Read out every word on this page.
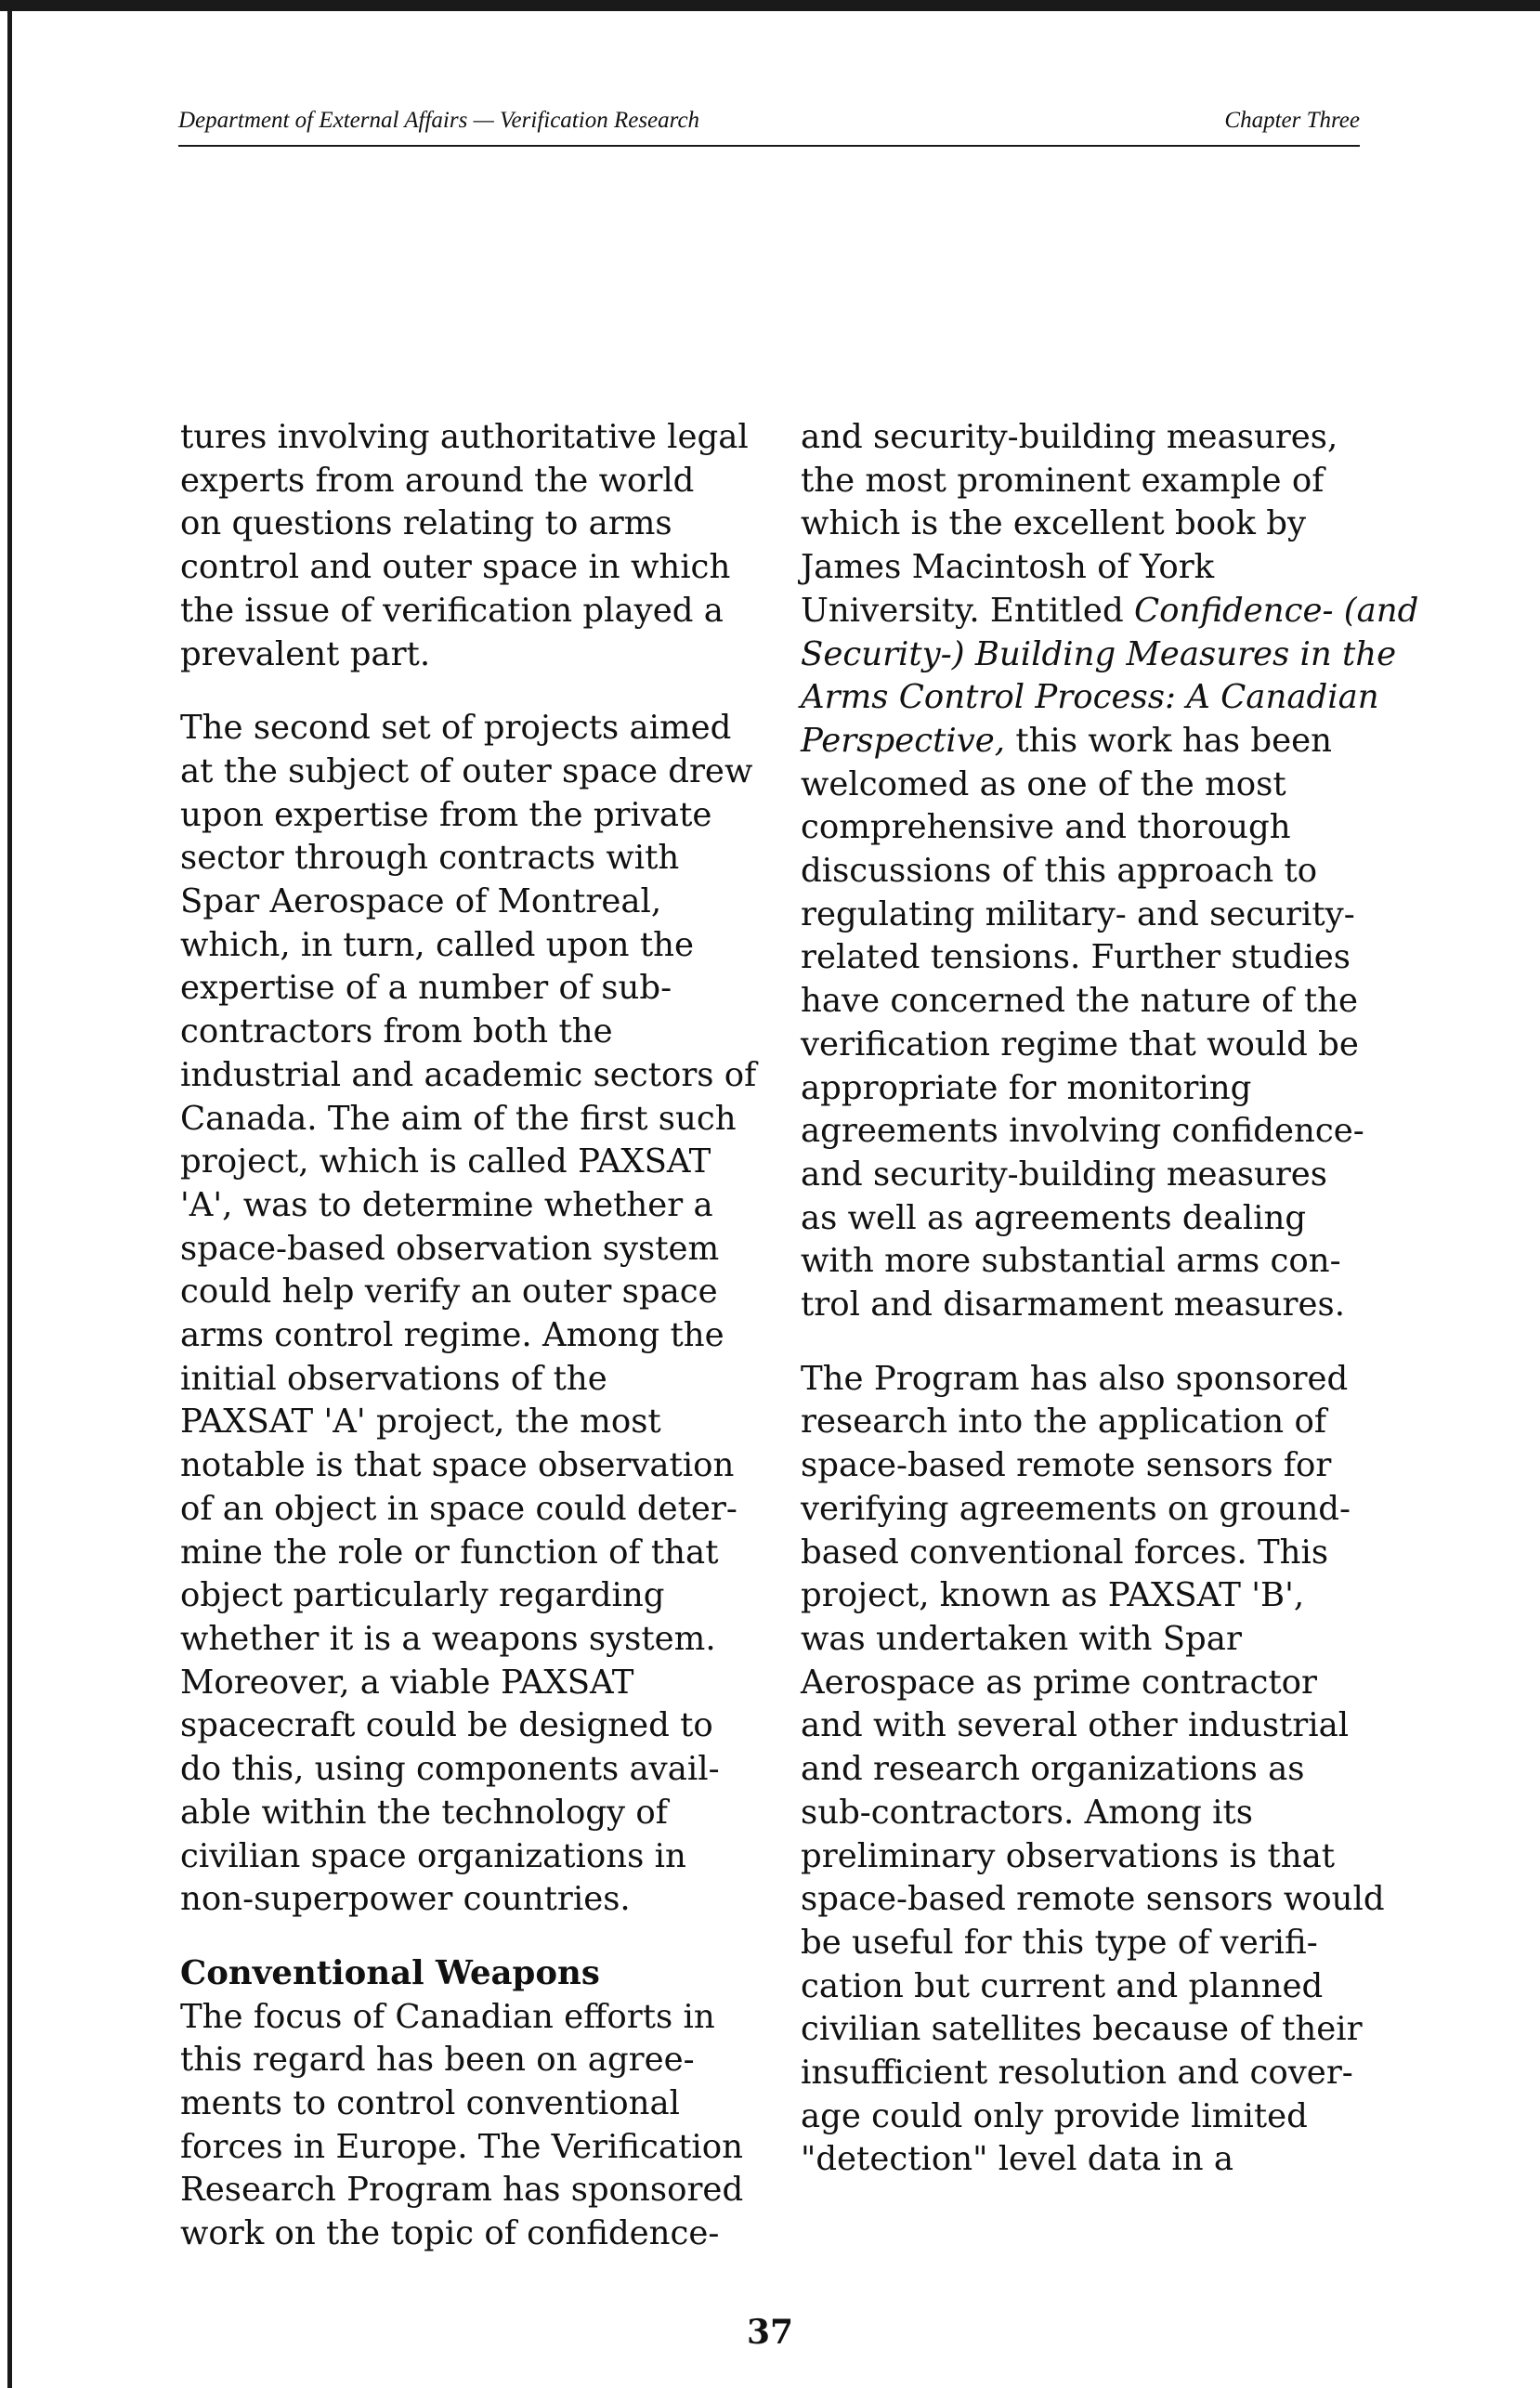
Department of External Affairs — Verification Research	Chapter Three
tures involving authoritative legal
experts from around the world
on questions relating to arms
control and outer space in which
the issue of verification played a
prevalent part.
The second set of projects aimed
at the subject of outer space drew
upon expertise from the private
sector through contracts with
Spar Aerospace of Montreal,
which, in turn, called upon the
expertise of a number of sub-
contractors from both the
industrial and academic sectors of
Canada. The aim of the first such
project, which is called PAXSAT
'A', was to determine whether a
space-based observation system
could help verify an outer space
arms control regime. Among the
initial observations of the
PAXSAT 'A' project, the most
notable is that space observation
of an object in space could deter-
mine the role or function of that
object particularly regarding
whether it is a weapons system.
Moreover, a viable PAXSAT
spacecraft could be designed to
do this, using components avail-
able within the technology of
civilian space organizations in
non-superpower countries.
Conventional Weapons
The focus of Canadian efforts in
this regard has been on agree-
ments to control conventional
forces in Europe. The Verification
Research Program has sponsored
work on the topic of confidence-
and security-building measures,
the most prominent example of
which is the excellent book by
James Macintosh of York
University. Entitled Confidence- (and
Security-) Building Measures in the
Arms Control Process: A Canadian
Perspective, this work has been
welcomed as one of the most
comprehensive and thorough
discussions of this approach to
regulating military- and security-
related tensions. Further studies
have concerned the nature of the
verification regime that would be
appropriate for monitoring
agreements involving confidence-
and security-building measures
as well as agreements dealing
with more substantial arms con-
trol and disarmament measures.
The Program has also sponsored
research into the application of
space-based remote sensors for
verifying agreements on ground-
based conventional forces. This
project, known as PAXSAT 'B',
was undertaken with Spar
Aerospace as prime contractor
and with several other industrial
and research organizations as
sub-contractors. Among its
preliminary observations is that
space-based remote sensors would
be useful for this type of verifi-
cation but current and planned
civilian satellites because of their
insufficient resolution and cover-
age could only provide limited
"detection" level data in a
37
